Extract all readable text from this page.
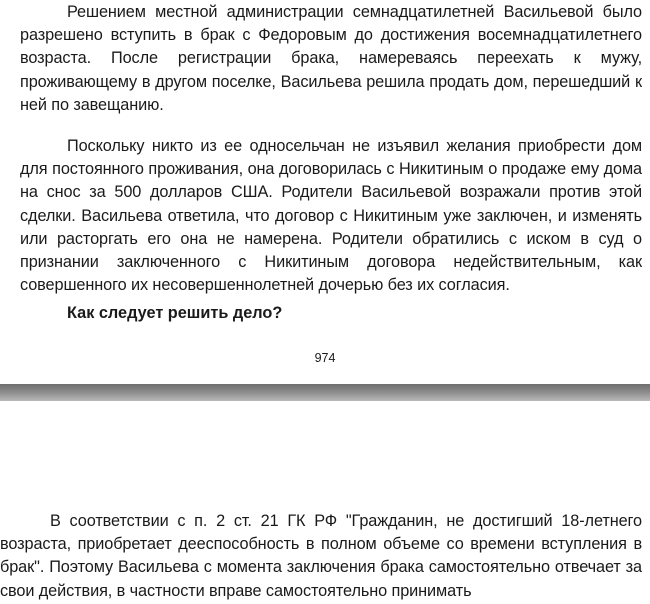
Решением местной администрации семнадцатилетней Васильевой было разрешено вступить в брак с Федоровым до достижения восемнадцатилетнего возраста. После регистрации брака, намереваясь переехать к мужу, проживающему в другом поселке, Васильева решила продать дом, перешедший к ней по завещанию.

Поскольку никто из ее односельчан не изъявил желания приобрести дом для постоянного проживания, она договорилась с Никитиным о продаже ему дома на снос за 500 долларов США. Родители Васильевой возражали против этой сделки. Васильева ответила, что договор с Никитиным уже заключен, и изменять или расторгать его она не намерена. Родители обратились с иском в суд о признании заключенного с Никитиным договора недействительным, как совершенного их несовершеннолетней дочерью без их согласия.

Как следует решить дело?
974

В соответствии с п. 2 ст. 21 ГК РФ "Гражданин, не достигший 18-летнего возраста, приобретает дееспособность в полном объеме со времени вступления в брак". Поэтому Васильева с момента заключения брака самостоятельно отвечает за свои действия, в частности вправе самостоятельно принимать
